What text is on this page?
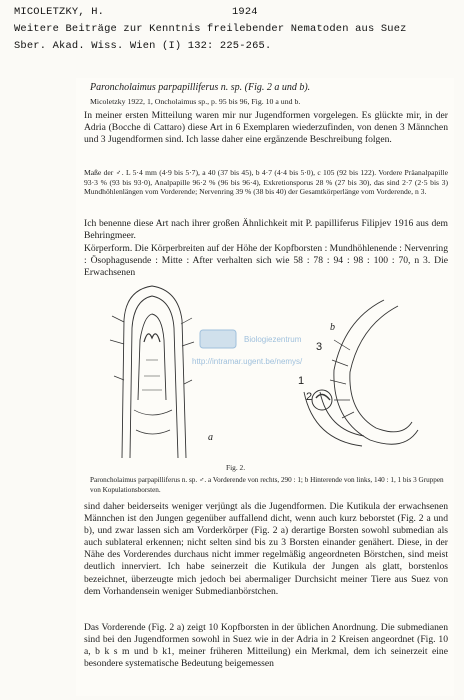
MICOLETZKY, H.	1924
Weitere Beiträge zur Kenntnis freilebender Nematoden aus Suez
Sber. Akad. Wiss. Wien (I) 132: 225-265.
Paroncholaimus parpapilliferus n. sp. (Fig. 2 a und b).
Micoletzky 1922, 1, Oncholaimus sp., p. 95 bis 96, Fig. 10 a und b.

In meiner ersten Mitteilung waren mir nur Jugendformen vorgelegen. Es glückte mir, in der Adria (Bocche di Cattaro) diese Art in 6 Exemplaren wiederzufinden, von denen 3 Männchen und 3 Jugendformen sind. Ich lasse daher eine ergänzende Beschreibung folgen.

Maße der ♂. L 5·4 mm (4·9 bis 5·7), a 40 (37 bis 45), b 4·7 (4·4 bis 5·0), c 105 (92 bis 122). Vordere Präanalpapille 93·3 % (93 bis 93·0), Analpapille 96·2 % (96 bis 96·4), Exkretionsporus 28 % (27 bis 30), das sind 2·7 (2·5 bis 3) Mundhöhlenlängen vom Vorderende; Nervenring 39 % (38 bis 40) der Gesamtkörperlänge vom Vorderende, n 3.

Ich benenne diese Art nach ihrer großen Ähnlichkeit mit P. papilliferus Filipjev 1916 aus dem Behringmeer.

Körperform. Die Körperbreiten auf der Höhe der Kopfborsten : Mundhöhlenende : Nervenring : Ösophagusende : Mitte : After verhalten sich wie 58 : 78 : 94 : 98 : 100 : 70, n 3. Die Erwachsenen

a
b
1
2
3
Biologiezentrum
http://intramar.ugent.be/nemys/
Fig. 2.
Paroncholaimus parpapilliferus n. sp. ♂. a Vorderende von rechts, 290 : 1; b Hinterende von links, 140 : 1, 1 bis 3 Gruppen von Kopulationsborsten.

sind daher beiderseits weniger verjüngt als die Jugendformen. Die Kutikula der erwachsenen Männchen ist den Jungen gegenüber auffallend dicht, wenn auch kurz beborstet (Fig. 2 a und b), und zwar lassen sich am Vorderkörper (Fig. 2 a) derartige Borsten sowohl submedian als auch sublateral erkennen; nicht selten sind bis zu 3 Borsten einander genähert. Diese, in der Nähe des Vorderendes durchaus nicht immer regelmäßig angeordneten Börstchen, sind meist deutlich innerviert. Ich habe seinerzeit die Kutikula der Jungen als glatt, borstenlos bezeichnet, überzeugte mich jedoch bei abermaliger Durchsicht meiner Tiere aus Suez von dem Vorhandensein weniger Submedianbörstchen.

Das Vorderende (Fig. 2 a) zeigt 10 Kopfborsten in der üblichen Anordnung. Die submedianen sind bei den Jugendformen sowohl in Suez wie in der Adria in 2 Kreisen angeordnet (Fig. 10 a, b k s m und b k1, meiner früheren Mitteilung) ein Merkmal, dem ich seinerzeit eine besondere systematische Bedeutung beigemessen
